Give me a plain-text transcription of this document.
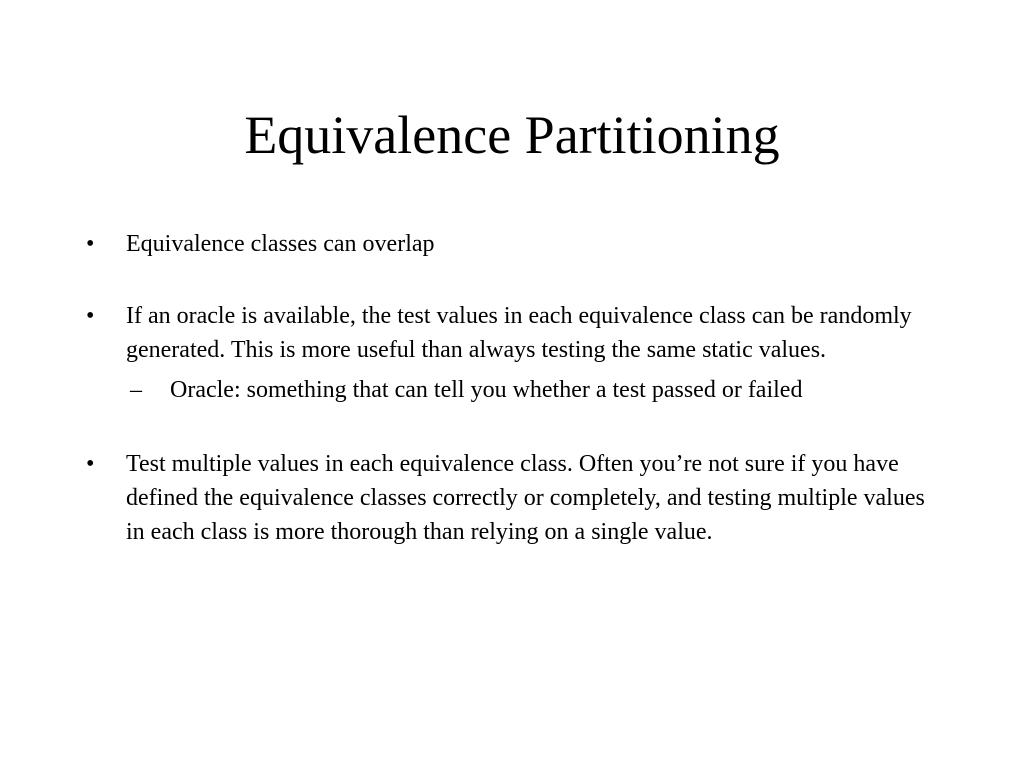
Equivalence Partitioning
•	Equivalence classes can overlap
•	If an oracle is available, the test values in each equivalence class can be randomly generated. This is more useful than always testing the same static values.
–	Oracle: something that can tell you whether a test passed or failed
•	Test multiple values in each equivalence class. Often you’re not sure if you have defined the equivalence classes correctly or completely, and testing multiple values in each class is more thorough than relying on a single value.
